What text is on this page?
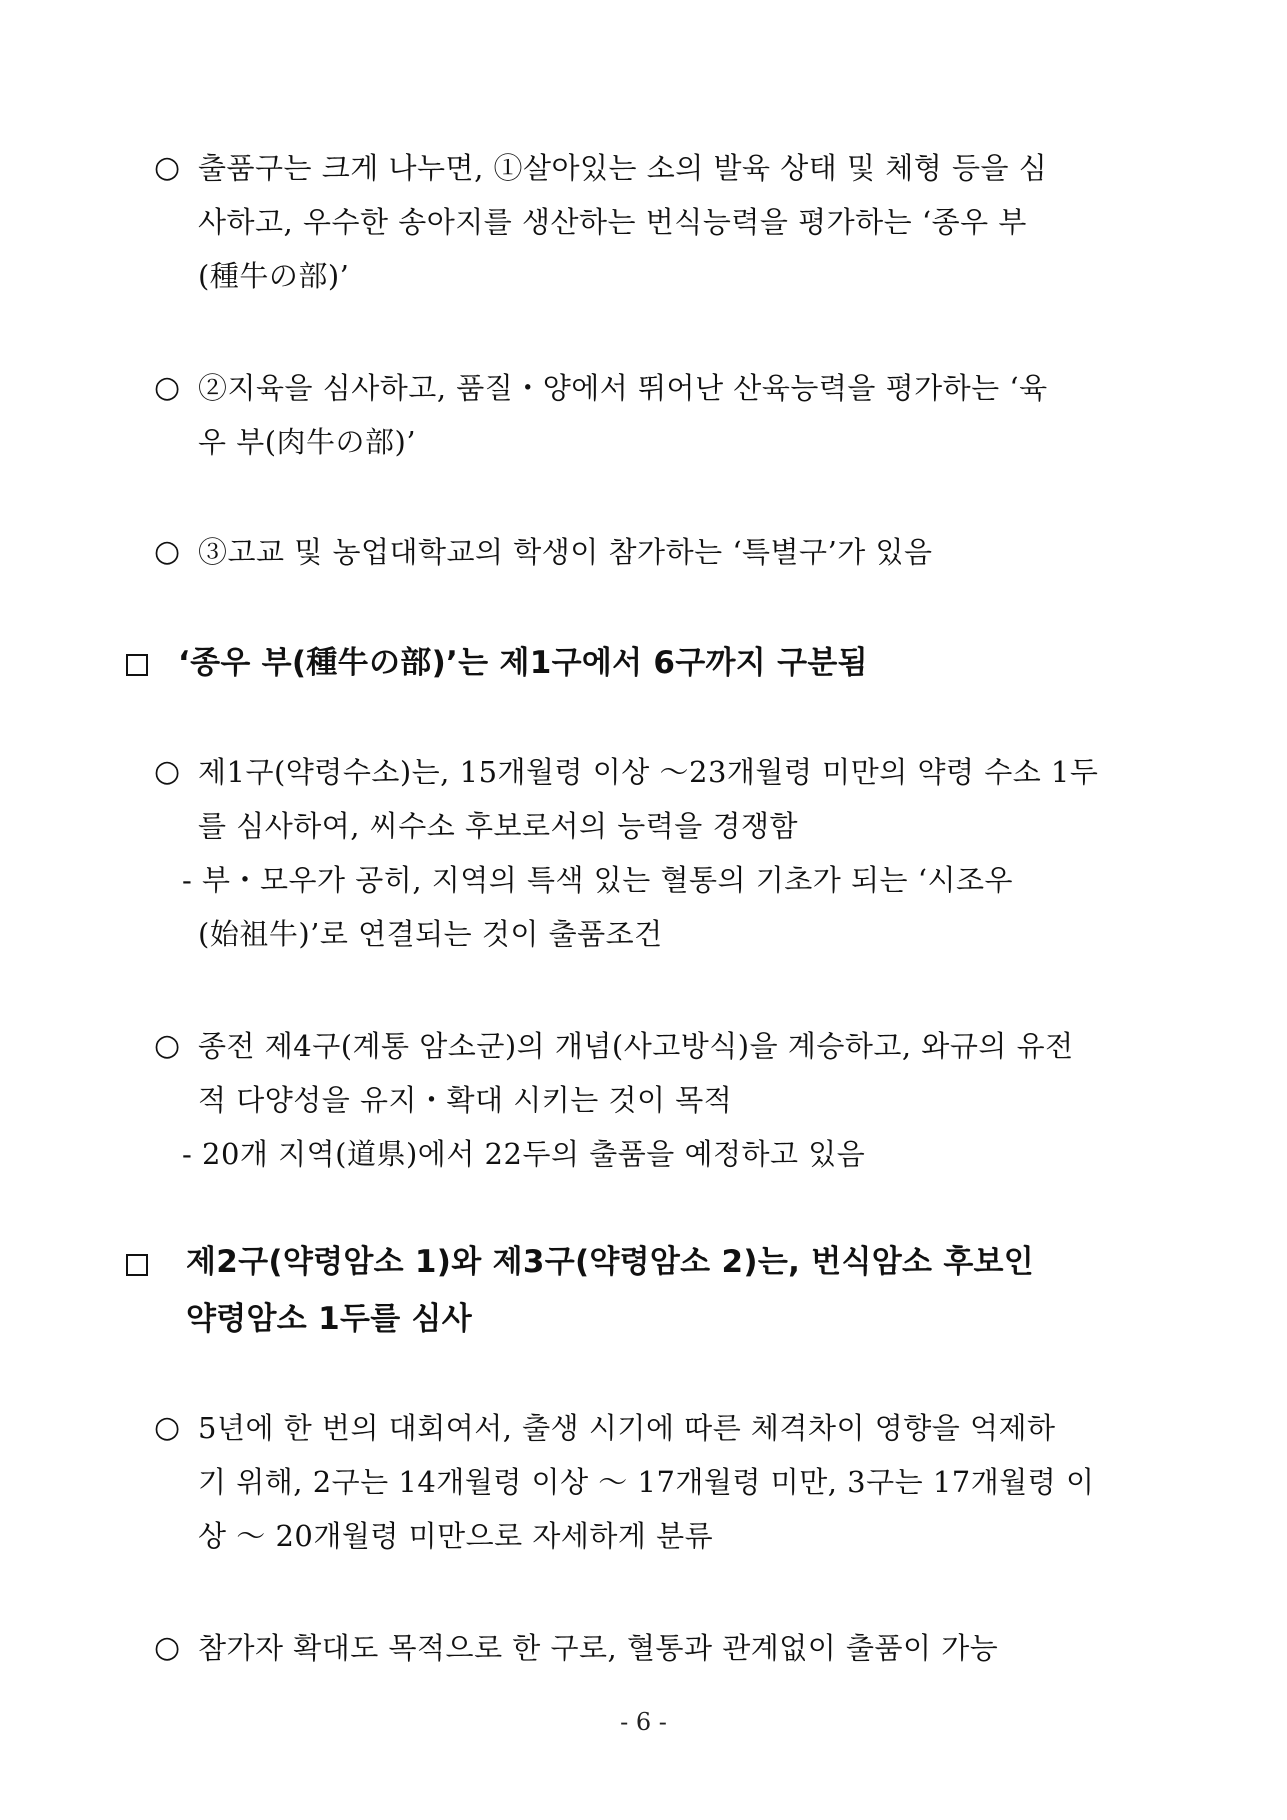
○ 출품구는 크게 나누면, ①살아있는 소의 발육 상태 및 체형 등을 심
사하고, 우수한 송아지를 생산하는 번식능력을 평가하는 ‘종우 부
(種牛の部)’
○ ②지육을 심사하고, 품질・양에서 뛰어난 산육능력을 평가하는 ‘육
우 부(肉牛の部)’
○ ③고교 및 농업대학교의 학생이 참가하는 ‘특별구’가 있음
‘종우 부(種牛の部)’는 제1구에서 6구까지 구분됨
○ 제1구(약령수소)는, 15개월령 이상 ～23개월령 미만의 약령 수소 1두
를 심사하여, 씨수소 후보로서의 능력을 경쟁함
- 부・모우가 공히, 지역의 특색 있는 혈통의 기초가 되는 ‘시조우
(始祖牛)’로 연결되는 것이 출품조건
○ 종전 제4구(계통 암소군)의 개념(사고방식)을 계승하고, 와규의 유전
적 다양성을 유지・확대 시키는 것이 목적
- 20개 지역(道県)에서 22두의 출품을 예정하고 있음
제2구(약령암소 1)와 제3구(약령암소 2)는, 번식암소 후보인
약령암소 1두를 심사
○ 5년에 한 번의 대회여서, 출생 시기에 따른 체격차이 영향을 억제하
기 위해, 2구는 14개월령 이상 ～ 17개월령 미만, 3구는 17개월령 이
상 ～ 20개월령 미만으로 자세하게 분류
○ 참가자 확대도 목적으로 한 구로, 혈통과 관계없이 출품이 가능
- 6 -
